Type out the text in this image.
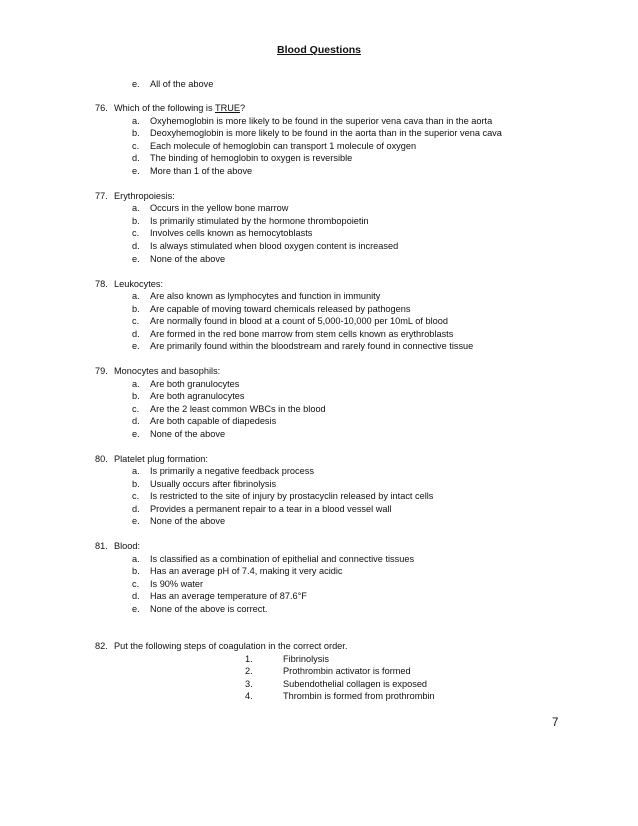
Blood Questions
e. All of the above
76. Which of the following is TRUE?
a. Oxyhemoglobin is more likely to be found in the superior vena cava than in the aorta
b. Deoxyhemoglobin is more likely to be found in the aorta than in the superior vena cava
c. Each molecule of hemoglobin can transport 1 molecule of oxygen
d. The binding of hemoglobin to oxygen is reversible
e. More than 1 of the above
77. Erythropoiesis:
a. Occurs in the yellow bone marrow
b. Is primarily stimulated by the hormone thrombopoietin
c. Involves cells known as hemocytoblasts
d. Is always stimulated when blood oxygen content is increased
e. None of the above
78. Leukocytes:
a. Are also known as lymphocytes and function in immunity
b. Are capable of moving toward chemicals released by pathogens
c. Are normally found in blood at a count of 5,000-10,000 per 10mL of blood
d. Are formed in the red bone marrow from stem cells known as erythroblasts
e. Are primarily found within the bloodstream and rarely found in connective tissue
79. Monocytes and basophils:
a. Are both granulocytes
b. Are both agranulocytes
c. Are the 2 least common WBCs in the blood
d. Are both capable of diapedesis
e. None of the above
80. Platelet plug formation:
a. Is primarily a negative feedback process
b. Usually occurs after fibrinolysis
c. Is restricted to the site of injury by prostacyclin released by intact cells
d. Provides a permanent repair to a tear in a blood vessel wall
e. None of the above
81. Blood:
a. Is classified as a combination of epithelial and connective tissues
b. Has an average pH of 7.4, making it very acidic
c. Is 90% water
d. Has an average temperature of 87.6°F
e. None of the above is correct.
82. Put the following steps of coagulation in the correct order.
1.	Fibrinolysis
2.	Prothrombin activator is formed
3.	Subendothelial collagen is exposed
4.	Thrombin is formed from prothrombin
7
